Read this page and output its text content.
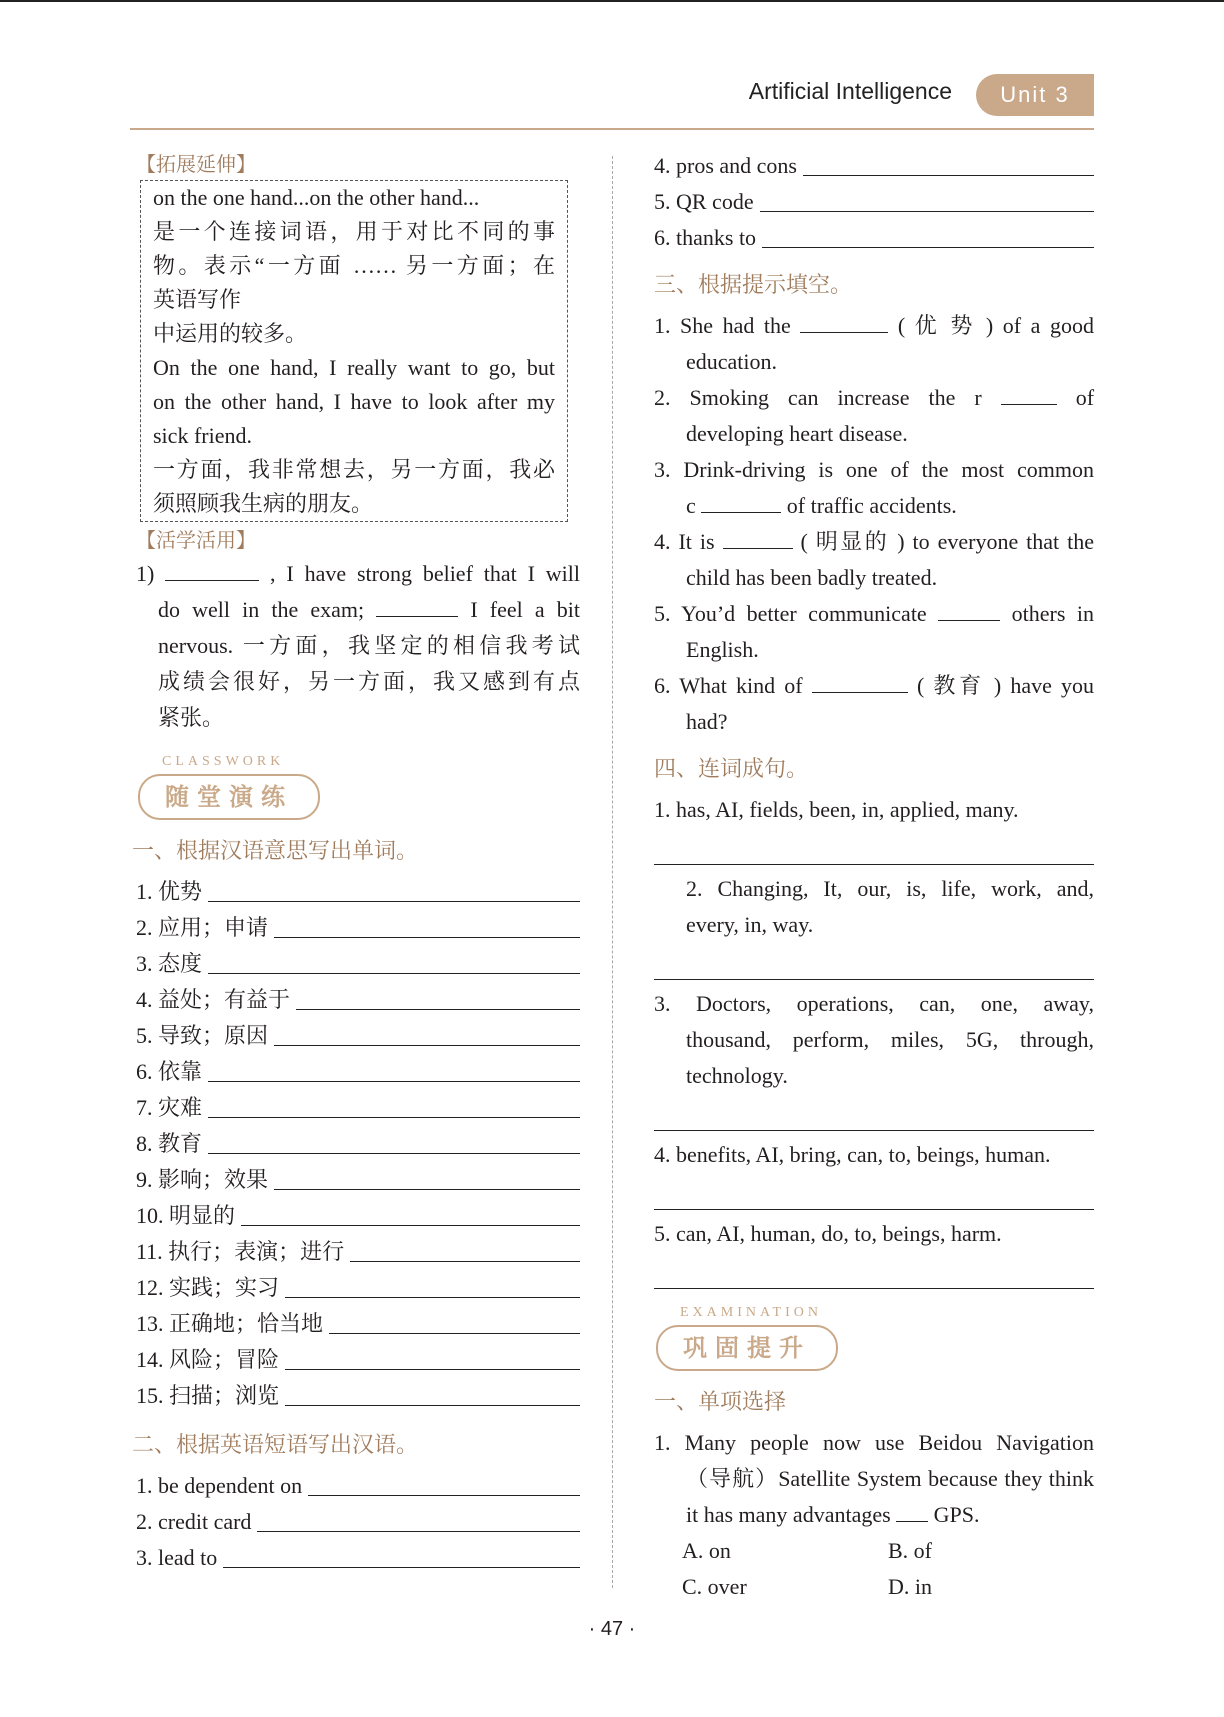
Artificial Intelligence	Unit 3
【拓展延伸】

on the one hand...on the other hand...

是一个连接词语，用于对比不同的事

物。表示“一方面 …… 另一方面；在

英语写作

中运用的较多。

On the one hand, I really want to go, but

on the other hand, I have to look after my

sick friend.

一方面，我非常想去，另一方面，我必

须照顾我生病的朋友。

【活学活用】

1)	, I have strong belief that I will

do well in the exam;	I feel a bit

nervous. 一方面，我坚定的相信我考试

成绩会很好，另一方面，我又感到有点

紧张。

CLASSWORK
随堂演练
一、根据汉语意思写出单词。
1. 优势
2. 应用；申请
3. 态度
4. 益处；有益于
5. 导致；原因
6. 依靠
7. 灾难
8. 教育
9. 影响；效果
10. 明显的
11. 执行；表演；进行
12. 实践；实习
13. 正确地；恰当地
14. 风险；冒险
15. 扫描；浏览
二、根据英语短语写出汉语。
1. be dependent on
2. credit card
3. lead to
4. pros and cons
5. QR code
6. thanks to
三、根据提示填空。

1. She had the	( 优 势 ) of a good

education.

2. Smoking can increase the r	of

developing heart disease.

3. Drink-driving is one of the most common

c	of traffic accidents.

4. It is	( 明显的 ) to everyone that the

child has been badly treated.

5. You’d better communicate	others in

English.

6. What kind of	( 教育 ) have you

had?

四、连词成句。

1. has, AI, fields, been, in, applied, many.

2. Changing, It, our, is, life, work, and,

every, in, way.

3. Doctors, operations, can, one, away,

thousand, perform, miles, 5G, through,

technology.

4. benefits, AI, bring, can, to, beings, human.

5. can, AI, human, do, to, beings, harm.

EXAMINATION
巩固提升
一、单项选择

1. Many people now use Beidou Navigation

（导航）Satellite System because they think

it has many advantages GPS.

A. on	B. of
C. over	D. in
· 47 ·
